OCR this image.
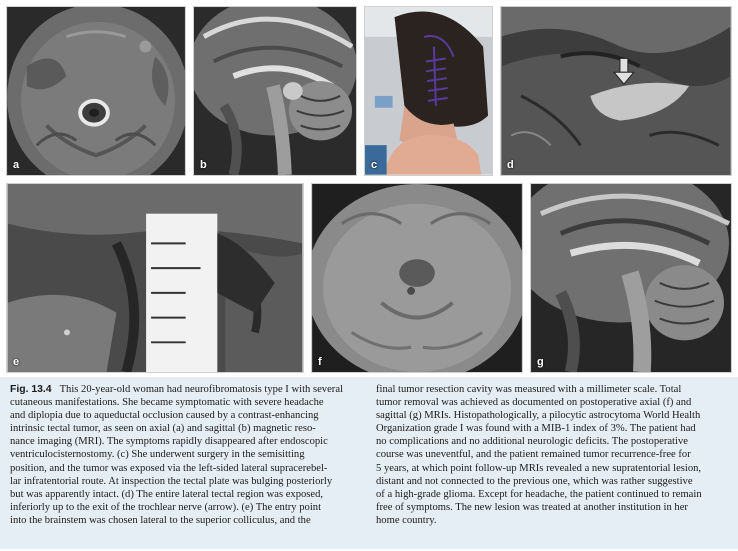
a	b	c	d
e	f	g
Fig. 13.4 This 20-year-old woman had neurofibromatosis type I with several
cutaneous manifestations. She became symptomatic with severe headache
and diplopia due to aqueductal occlusion caused by a contrast-enhancing
intrinsic tectal tumor, as seen on axial (a) and sagittal (b) magnetic reso-
nance imaging (MRI). The symptoms rapidly disappeared after endoscopic
ventriculocisternostomy. (c) She underwent surgery in the semisitting
position, and the tumor was exposed via the left-sided lateral supracerebel-
lar infratentorial route. At inspection the tectal plate was bulging posteriorly
but was apparently intact. (d) The entire lateral tectal region was exposed,
inferiorly up to the exit of the trochlear nerve (arrow). (e) The entry point
into the brainstem was chosen lateral to the superior colliculus, and the
final tumor resection cavity was measured with a millimeter scale. Total
tumor removal was achieved as documented on postoperative axial (f) and
sagittal (g) MRIs. Histopathologically, a pilocytic astrocytoma World Health
Organization grade I was found with a MIB-1 index of 3%. The patient had
no complications and no additional neurologic deficits. The postoperative
course was uneventful, and the patient remained tumor recurrence-free for
5 years, at which point follow-up MRIs revealed a new supratentorial lesion,
distant and not connected to the previous one, which was rather suggestive
of a high-grade glioma. Except for headache, the patient continued to remain
free of symptoms. The new lesion was treated at another institution in her
home country.
